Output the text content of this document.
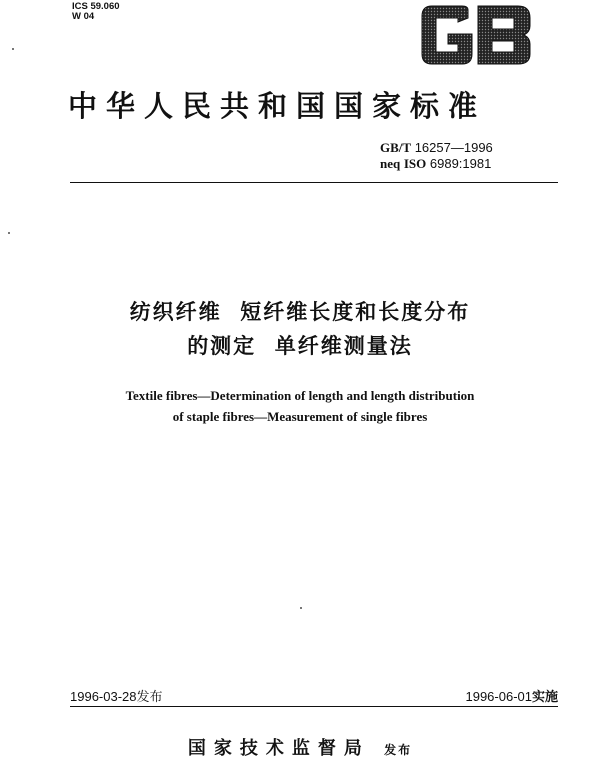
ICS 59.060
W 04
GB
中华人民共和国国家标准
GB/T 16257—1996
neq ISO 6989:1981
纺织纤维  短纤维长度和长度分布
的测定  单纤维测量法
Textile fibres—Determination of length and length distribution
of staple fibres—Measurement of single fibres
1996-03-28发布	1996-06-01实施
国家技术监督局 发布
